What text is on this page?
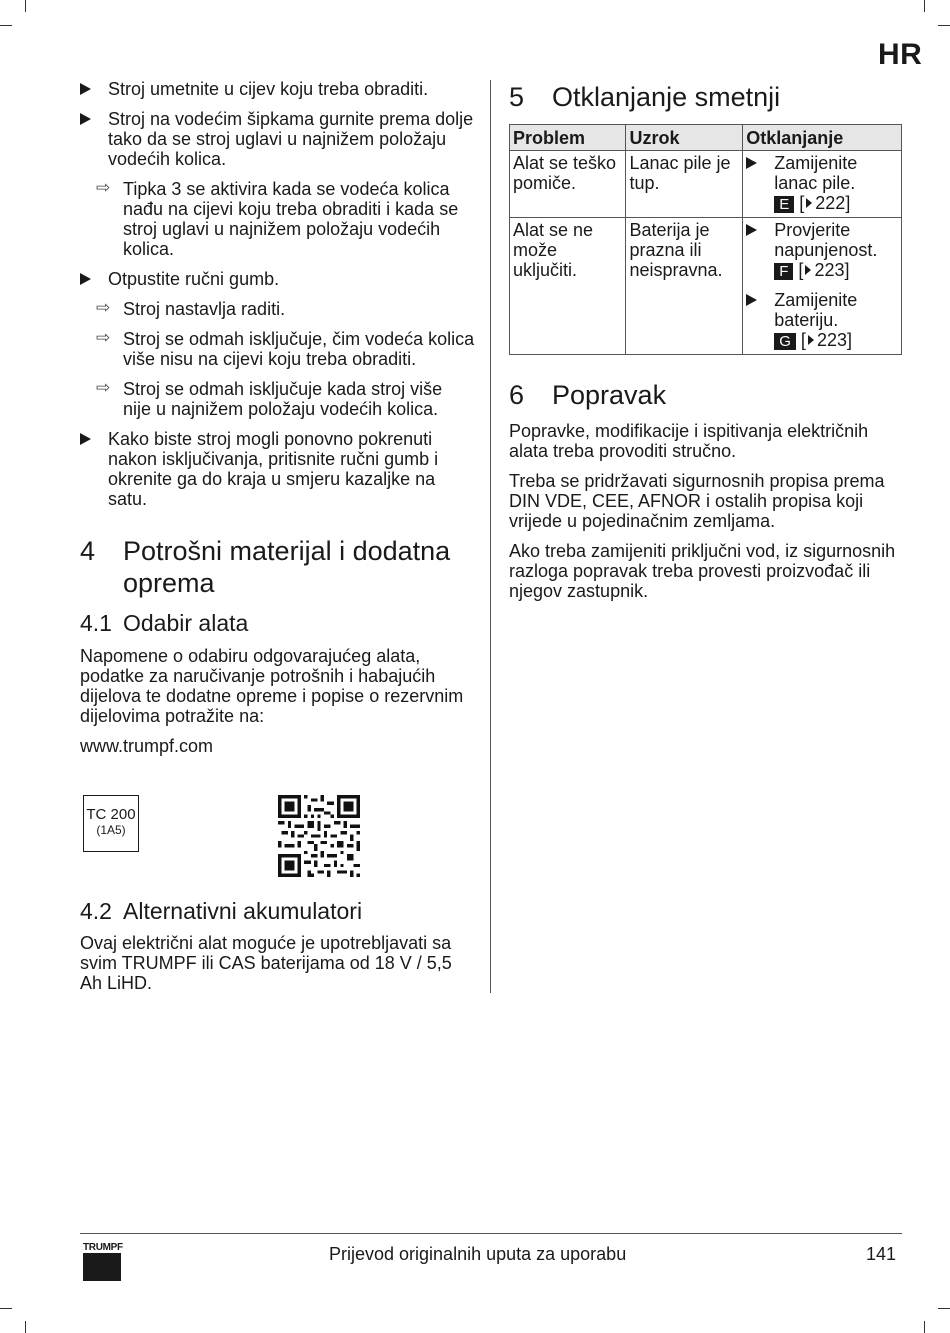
HR
Stroj umetnite u cijev koju treba obraditi.
Stroj na vodećim šipkama gurnite prema dolje tako da se stroj uglavi u najnižem položaju vodećih kolica.
⇨ Tipka 3 se aktivira kada se vodeća kolica nađu na cijevi koju treba obraditi i kada se stroj uglavi u najnižem položaju vodećih kolica.
Otpustite ručni gumb.
⇨ Stroj nastavlja raditi.
⇨ Stroj se odmah isključuje, čim vodeća kolica više nisu na cijevi koju treba obraditi.
⇨ Stroj se odmah isključuje kada stroj više nije u najnižem položaju vodećih kolica.
Kako biste stroj mogli ponovno pokrenuti nakon isključivanja, pritisnite ručni gumb i okrenite ga do kraja u smjeru kazaljke na satu.
4 Potrošni materijal i dodatna oprema
4.1 Odabir alata

Napomene o odabiru odgovarajućeg alata, podatke za naručivanje potrošnih i habajućih dijelova te dodatne opreme i popise o rezervnim dijelovima potražite na:

www.trumpf.com

TC 200
(1A5)
4.2 Alternativni akumulatori

Ovaj električni alat moguće je upotrebljavati sa svim TRUMPF ili CAS baterijama od 18 V / 5,5 Ah LiHD.

5 Otklanjanje smetnji
Problem	Uzrok	Otklanjanje
Alat se teško pomiče.	Lanac pile je tup.	Zamijenite lanac pile.
E [ 222]

Alat se ne može uključiti.	Baterija je prazna ili neispravna.	Provjerite napunjenost.
F [ 223]
Zamijenite bateriju.
G [ 223]
6 Popravak

Popravke, modifikacije i ispitivanja električnih alata treba provoditi stručno.

Treba se pridržavati sigurnosnih propisa prema DIN VDE, CEE, AFNOR i ostalih propisa koji vrijede u pojedinačnim zemljama.

Ako treba zamijeniti priključni vod, iz sigurnosnih razloga popravak treba provesti proizvođač ili njegov zastupnik.

TRUMPF	Prijevod originalnih uputa za uporabu	141
